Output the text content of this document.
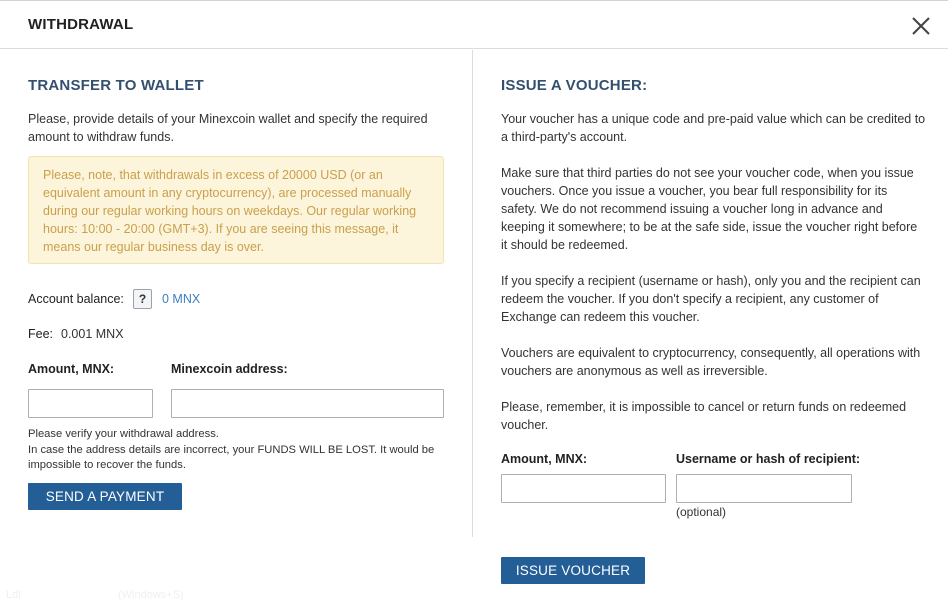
WITHDRAWAL
TRANSFER TO WALLET
Please, provide details of your Minexcoin wallet and specify the required amount to withdraw funds.
Please, note, that withdrawals in excess of 20000 USD (or an equivalent amount in any cryptocurrency), are processed manually during our regular working hours on weekdays. Our regular working hours: 10:00 - 20:00 (GMT+3). If you are seeing this message, it means our regular business day is over.
Account balance:	?	0 MNX
Fee: 0.001 MNX
Amount, MNX:	Minexcoin address:
Please verify your withdrawal address.
In case the address details are incorrect, your FUNDS WILL BE LOST. It would be impossible to recover the funds.
SEND A PAYMENT
ISSUE A VOUCHER:
Your voucher has a unique code and pre-paid value which can be credited to a third-party's account.
Make sure that third parties do not see your voucher code, when you issue vouchers. Once you issue a voucher, you bear full responsibility for its safety. We do not recommend issuing a voucher long in advance and keeping it somewhere; to be at the safe side, issue the voucher right before it should be redeemed.
If you specify a recipient (username or hash), only you and the recipient can redeem the voucher. If you don't specify a recipient, any customer of Exchange can redeem this voucher.
Vouchers are equivalent to cryptocurrency, consequently, all operations with vouchers are anonymous as well as irreversible.
Please, remember, it is impossible to cancel or return funds on redeemed voucher.
Amount, MNX:	Username or hash of recipient:
(optional)
ISSUE VOUCHER
Ldl	(Windows+S)
